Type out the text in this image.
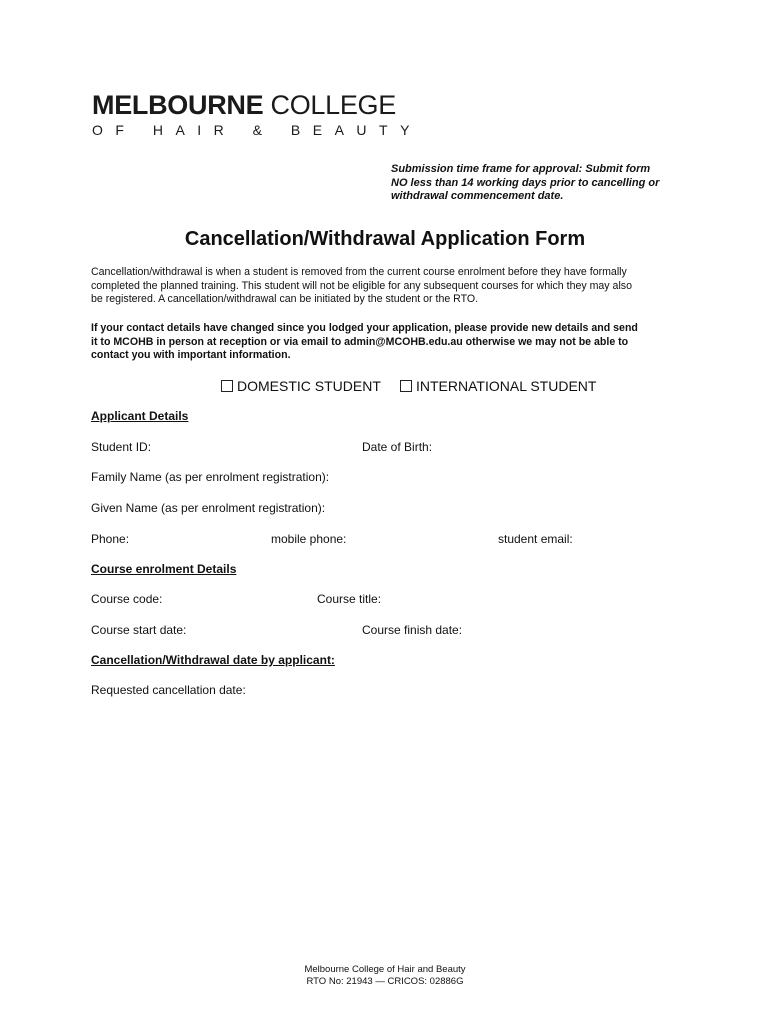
MELBOURNE COLLEGE
OF HAIR & BEAUTY
Submission time frame for approval: Submit form
NO less than 14 working days prior to cancelling or
withdrawal commencement date.
Cancellation/Withdrawal Application Form
Cancellation/withdrawal is when a student is removed from the current course enrolment before they have formally
completed the planned training. This student will not be eligible for any subsequent courses for which they may also
be registered. A cancellation/withdrawal can be initiated by the student or the RTO.
If your contact details have changed since you lodged your application, please provide new details and send
it to MCOHB in person at reception or via email to admin@MCOHB.edu.au otherwise we may not be able to
contact you with important information.
DOMESTIC STUDENT	INTERNATIONAL STUDENT
Applicant Details
Student ID:	Date of Birth:
Family Name (as per enrolment registration):
Given Name (as per enrolment registration):
Phone:	mobile phone:	student email:
Course enrolment Details
Course code:	Course title:
Course start date:	Course finish date:
Cancellation/Withdrawal date by applicant:
Requested cancellation date:
Melbourne College of Hair and Beauty
RTO No: 21943 — CRICOS: 02886G
